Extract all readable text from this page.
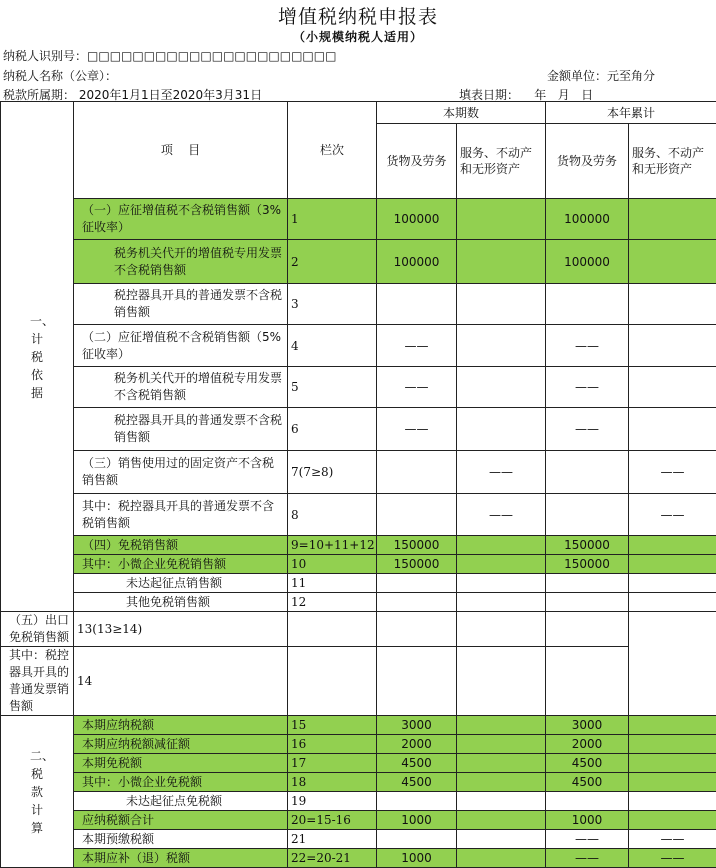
增值税纳税申报表
（小规模纳税人适用）
纳税人识别号：□□□□□□□□□□□□□□□□□□□□□□
纳税人名称（公章）：	金额单位：元至角分
税款所属期： 2020年1月1日至2020年3月31日	填表日期：    年   月   日
一、计税依据	项    目	栏次	本期数		本年累计	
			货物及劳务	服务、不动产和无形资产	货物及劳务	服务、不动产和无形资产
	（一）应征增值税不含税销售额（3%征收率）	1	100000		100000	
	税务机关代开的增值税专用发票不含税销售额	2	100000		100000	
	税控器具开具的普通发票不含税销售额	3				
	（二）应征增值税不含税销售额（5%征收率）	4	——		——	
	税务机关代开的增值税专用发票不含税销售额	5	——		——	
	税控器具开具的普通发票不含税销售额	6	——		——	
	（三）销售使用过的固定资产不含税销售额	7(7≥8)		——		——
	其中：税控器具开具的普通发票不含税销售额	8		——		——
	（四）免税销售额	9=10+11+12	150000		150000	
	其中：小微企业免税销售额	10	150000		150000	
	未达起征点销售额	11				
	其他免税销售额	12				
（五）出口免税销售额	13(13≥14)					
其中：税控器具开具的普通发票销售额	14					

二、税款计算	本期应纳税额	15	3000		3000	
	本期应纳税额减征额	16	2000		2000	
	本期免税额	17	4500		4500	
	其中：小微企业免税额	18	4500		4500	
	未达起征点免税额	19				
	应纳税额合计	20=15-16	1000		1000	
	本期预缴税额	21			——	——
	本期应补（退）税额	22=20-21	1000		——	——
